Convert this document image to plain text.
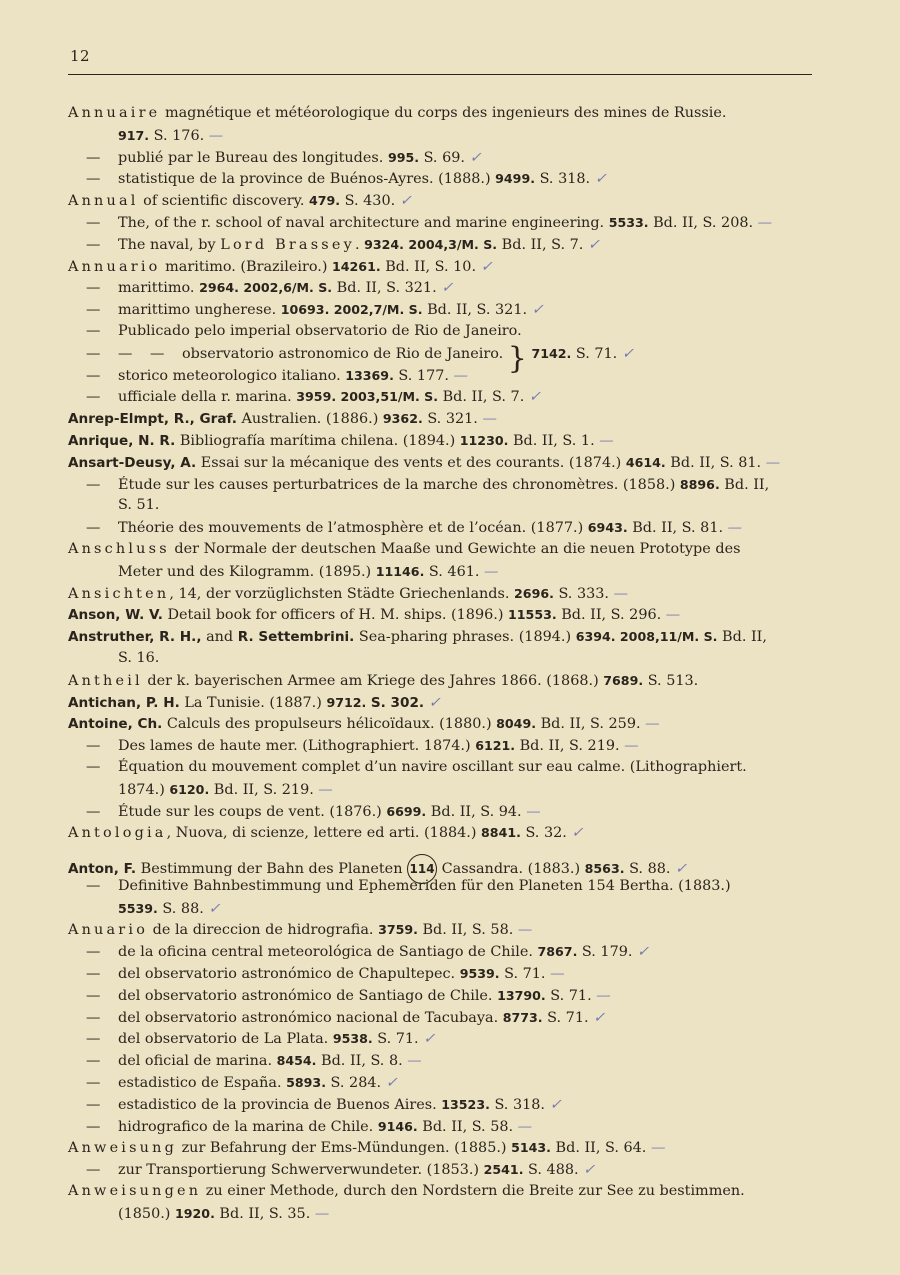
12
Annuaire magnétique et météorologique du corps des ingenieurs des mines de Russie.
917. S. 176. —
— publié par le Bureau des longitudes. 995. S. 69. ✓
— statistique de la province de Buénos-Ayres. (1888.) 9499. S. 318. ✓
Annual of scientific discovery. 479. S. 430. ✓
— The, of the r. school of naval architecture and marine engineering. 5533. Bd. II, S. 208. —
— The naval, by Lord Brassey. 9324. 2004,3/M. S. Bd. II, S. 7. ✓
Annuario maritimo. (Brazileiro.) 14261. Bd. II, S. 10. ✓
— marittimo. 2964. 2002,6/M. S. Bd. II, S. 321. ✓
— marittimo ungherese. 10693. 2002,7/M. S. Bd. II, S. 321. ✓
— Publicado pelo imperial observatorio de Rio de Janeiro.
— — — observatorio astronomico de Rio de Janeiro. } 7142. S. 71. ✓
— storico meteorologico italiano. 13369. S. 177. —
— ufficiale della r. marina. 3959. 2003,51/M. S. Bd. II, S. 7. ✓
Anrep-Elmpt, R., Graf. Australien. (1886.) 9362. S. 321. —
Anrique, N. R. Bibliografía marítima chilena. (1894.) 11230. Bd. II, S. 1. —
Ansart-Deusy, A. Essai sur la mécanique des vents et des courants. (1874.) 4614. Bd. II, S. 81. —
— Étude sur les causes perturbatrices de la marche des chronomètres. (1858.) 8896. Bd. II,
S. 51.
— Théorie des mouvements de l’atmosphère et de l’océan. (1877.) 6943. Bd. II, S. 81. —
Anschluss der Normale der deutschen Maaße und Gewichte an die neuen Prototype des
Meter und des Kilogramm. (1895.) 11146. S. 461. —
Ansichten, 14, der vorzüglichsten Städte Griechenlands. 2696. S. 333. —
Anson, W. V. Detail book for officers of H. M. ships. (1896.) 11553. Bd. II, S. 296. —
Anstruther, R. H., and R. Settembrini. Sea-pharing phrases. (1894.) 6394. 2008,11/M. S. Bd. II,
S. 16.
Antheil der k. bayerischen Armee am Kriege des Jahres 1866. (1868.) 7689. S. 513.
Antichan, P. H. La Tunisie. (1887.) 9712. S. 302. ✓
Antoine, Ch. Calculs des propulseurs hélicoïdaux. (1880.) 8049. Bd. II, S. 259. —
— Des lames de haute mer. (Lithographiert. 1874.) 6121. Bd. II, S. 219. —
— Équation du mouvement complet d’un navire oscillant sur eau calme. (Lithographiert.
1874.) 6120. Bd. II, S. 219. —
— Étude sur les coups de vent. (1876.) 6699. Bd. II, S. 94. —
Antologia, Nuova, di scienze, lettere ed arti. (1884.) 8841. S. 32. ✓
Anton, F. Bestimmung der Bahn des Planeten 114 Cassandra. (1883.) 8563. S. 88. ✓
— Definitive Bahnbestimmung und Ephemeriden für den Planeten 154 Bertha. (1883.)
5539. S. 88. ✓
Anuario de la direccion de hidrografia. 3759. Bd. II, S. 58. —
— de la oficina central meteorológica de Santiago de Chile. 7867. S. 179. ✓
— del observatorio astronómico de Chapultepec. 9539. S. 71. —
— del observatorio astronómico de Santiago de Chile. 13790. S. 71. —
— del observatorio astronómico nacional de Tacubaya. 8773. S. 71. ✓
— del observatorio de La Plata. 9538. S. 71. ✓
— del oficial de marina. 8454. Bd. II, S. 8. —
— estadistico de España. 5893. S. 284. ✓
— estadistico de la provincia de Buenos Aires. 13523. S. 318. ✓
— hidrografico de la marina de Chile. 9146. Bd. II, S. 58. —
Anweisung zur Befahrung der Ems-Mündungen. (1885.) 5143. Bd. II, S. 64. —
— zur Transportierung Schwerverwundeter. (1853.) 2541. S. 488. ✓
Anweisungen zu einer Methode, durch den Nordstern die Breite zur See zu bestimmen.
(1850.) 1920. Bd. II, S. 35. —
